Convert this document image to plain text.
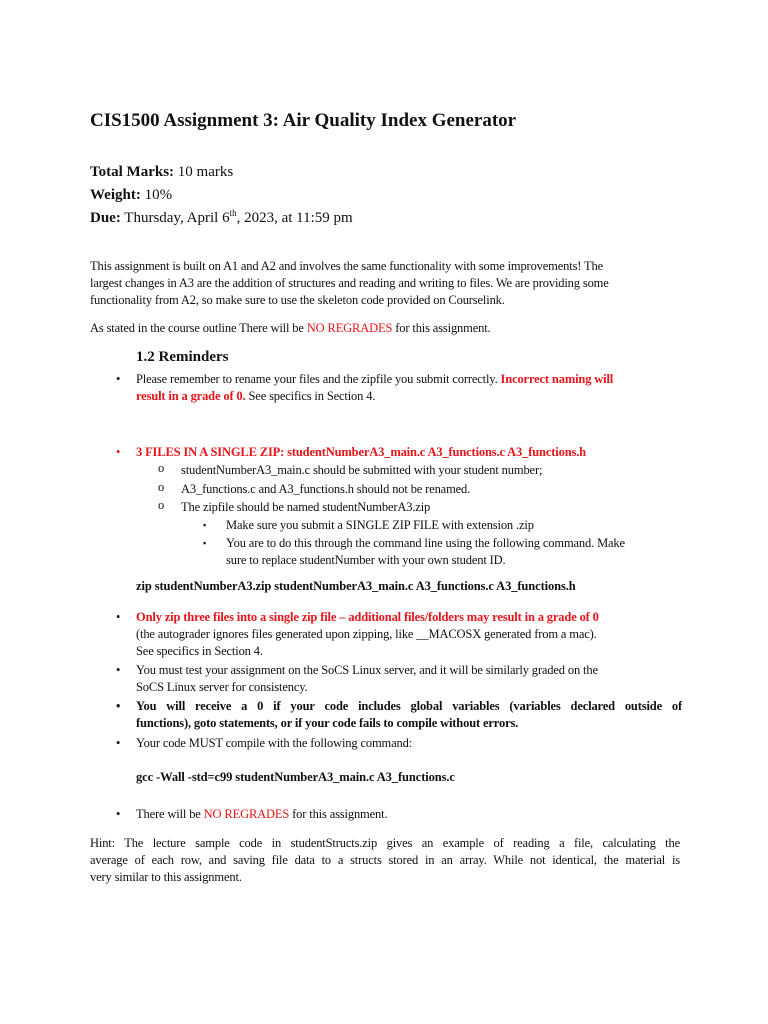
CIS1500 Assignment 3: Air Quality Index Generator
Total Marks: 10 marks
Weight: 10%
Due: Thursday, April 6th, 2023, at 11:59 pm
This assignment is built on A1 and A2 and involves the same functionality with some improvements! The
largest changes in A3 are the addition of structures and reading and writing to files. We are providing some
functionality from A2, so make sure to use the skeleton code provided on Courselink.
As stated in the course outline There will be NO REGRADES for this assignment.
1.2 Reminders
•	Please remember to rename your files and the zipfile you submit correctly. Incorrect naming will
result in a grade of 0. See specifics in Section 4.
•	3 FILES IN A SINGLE ZIP: studentNumberA3_main.c A3_functions.c A3_functions.h
o studentNumberA3_main.c should be submitted with your student number;
o A3_functions.c and A3_functions.h should not be renamed.
o The zipfile should be named studentNumberA3.zip
▪ Make sure you submit a SINGLE ZIP FILE with extension .zip
▪ You are to do this through the command line using the following command. Make
sure to replace studentNumber with your own student ID.
zip studentNumberA3.zip studentNumberA3_main.c A3_functions.c A3_functions.h
•	Only zip three files into a single zip file – additional files/folders may result in a grade of 0
(the autograder ignores files generated upon zipping, like __MACOSX generated from a mac).
See specifics in Section 4.
•	You must test your assignment on the SoCS Linux server, and it will be similarly graded on the
SoCS Linux server for consistency.
•	You will receive a 0 if your code includes global variables (variables declared outside of
functions), goto statements, or if your code fails to compile without errors.
•	Your code MUST compile with the following command:
gcc -Wall -std=c99 studentNumberA3_main.c A3_functions.c
•	There will be NO REGRADES for this assignment.
Hint: The lecture sample code in studentStructs.zip gives an example of reading a file, calculating the
average of each row, and saving file data to a structs stored in an array. While not identical, the material is
very similar to this assignment.
